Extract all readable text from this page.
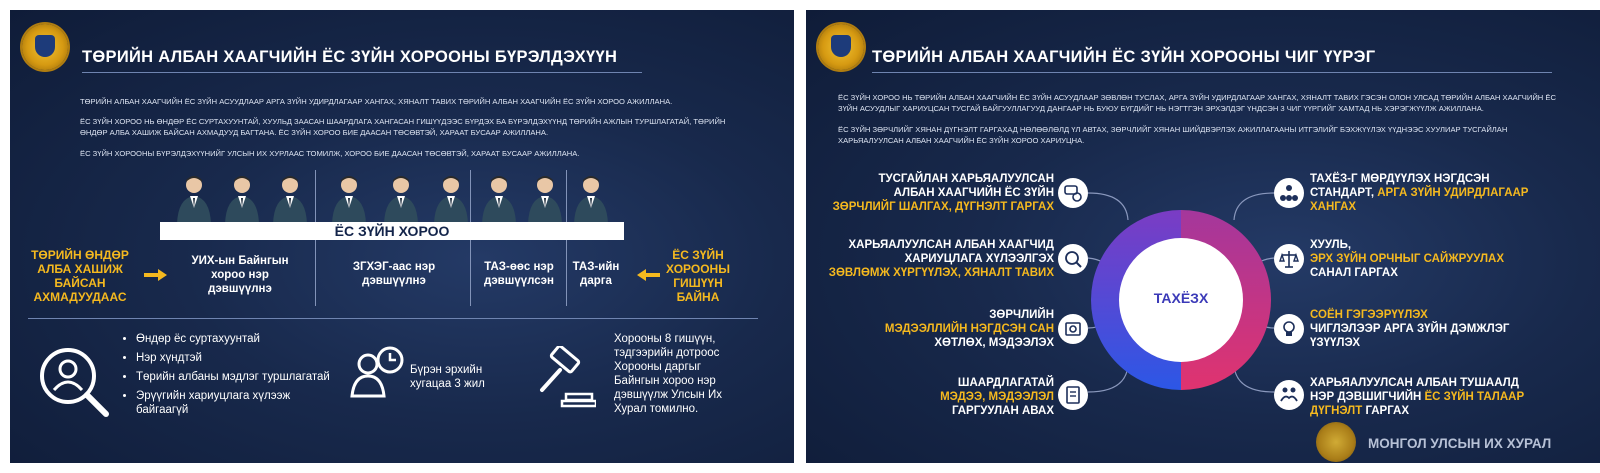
ТӨРИЙН АЛБАН ХААГЧИЙН ЁС ЗҮЙН ХОРООНЫ БҮРЭЛДЭХҮҮН
ТӨРИЙН АЛБАН ХААГЧИЙН ЁС ЗҮЙН АСУУДЛААР АРГА ЗҮЙН УДИРДЛАГААР ХАНГАХ, ХЯНАЛТ ТАВИХ ТӨРИЙН АЛБАН ХААГЧИЙН ЁС ЗҮЙН ХОРОО АЖИЛЛАНА.
ЁС ЗҮЙН ХОРОО НЬ ӨНДӨР ЁС СУРТАХУУНТАЙ, ХУУЛЬД ЗААСАН ШААРДЛАГА ХАНГАСАН ГИШҮҮДЭЭС БҮРДЭХ БА БҮРЭЛДЭХҮҮНД ТӨРИЙН АЖЛЫН ТУРШЛАГАТАЙ, ТӨРИЙН ӨНДӨР АЛБА ХАШИЖ БАЙСАН АХМАДУУД БАГТАНА. ЁС ЗҮЙН ХОРОО БИЕ ДААСАН ТӨСӨВТЭЙ, ХАРААТ БУСААР АЖИЛЛАНА.
ЁС ЗҮЙН ХОРООНЫ БҮРЭЛДЭХҮҮНИЙГ УЛСЫН ИХ ХУРЛААС ТОМИЛЖ, ХОРОО БИЕ ДААСАН ТӨСӨВТЭЙ, ХАРААТ БУСААР АЖИЛЛАНА.
ЁС ЗҮЙН ХОРОО
ТӨРИЙН ӨНДӨР
АЛБА ХАШИЖ
БАЙСАН
АХМАДУУДААС
УИХ-ын Байнгын
хороо нэр
дэвшүүлнэ
ЗГХЭГ-аас нэр
дэвшүүлнэ
ТАЗ-өөс нэр
дэвшүүлсэн
ТАЗ-ийн
дарга
ЁС ЗҮЙН
ХОРООНЫ
ГИШҮҮН
БАЙНА
• Өндөр ёс суртахуунтай
• Нэр хүндтэй
• Төрийн албаны мэдлэг туршлагатай
• Эрүүгийн хариуцлага хүлээж байгаагүй
Бүрэн эрхийн
хугацаа 3 жил
Хорооны 8 гишүүн,
тэдгээрийн дотроос
Хорооны даргыг
Байнгын хороо нэр
дэвшүүлж Улсын Их
Хурал томилно.
ТӨРИЙН АЛБАН ХААГЧИЙН ЁС ЗҮЙН ХОРООНЫ ЧИГ ҮҮРЭГ
ЁС ЗҮЙН ХОРОО НЬ ТӨРИЙН АЛБАН ХААГЧИЙН ЁС ЗҮЙН АСУУДЛААР ЗӨВЛӨН ТУСЛАХ, АРГА ЗҮЙН УДИРДЛАГААР ХАНГАХ, ХЯНАЛТ ТАВИХ ГЭСЭН ОЛОН УЛСАД ТӨРИЙН АЛБАН ХААГЧИЙН ЁС ЗҮЙН АСУУДЛЫГ ХАРИУЦСАН ТУСГАЙ БАЙГУУЛЛАГУУД ДАНГААР НЬ БУЮУ БҮГДИЙГ НЬ НЭГТГЭН ЭРХЭЛДЭГ ҮНДСЭН 3 ЧИГ ҮҮРГИЙГ ХАМТАД НЬ ХЭРЭГЖҮҮЛЖ АЖИЛЛАНА.
ЁС ЗҮЙН ЗӨРЧЛИЙГ ХЯНАН ДҮГНЭЛТ ГАРГАХАД НӨЛӨӨЛӨЛД ҮЛ АВТАХ, ЗӨРЧЛИЙГ ХЯНАН ШИЙДВЭРЛЭХ АЖИЛЛАГААНЫ ИТГЭЛИЙГ БЭХЖҮҮЛЭХ ҮҮДНЭЭС ХУУЛИАР ТУСГАЙЛАН ХАРЬЯАЛУУЛСАН АЛБАН ХААГЧИЙН ЁС ЗҮЙН ХОРОО ХАРИУЦНА.
ТАХЁЗХ
ТУСГАЙЛАН ХАРЬЯАЛУУЛСАН
АЛБАН ХААГЧИЙН ЁС ЗҮЙН
ЗӨРЧЛИЙГ ШАЛГАХ, ДҮГНЭЛТ ГАРГАХ
ХАРЬЯАЛУУЛСАН АЛБАН ХААГЧИД
ХАРИУЦЛАГА ХҮЛЭЭЛГЭХ
ЗӨВЛӨМЖ ХҮРГҮҮЛЭХ, ХЯНАЛТ ТАВИХ
ЗӨРЧЛИЙН
МЭДЭЭЛЛИЙН НЭГДСЭН САН
ХӨТЛӨХ, МЭДЭЭЛЭХ
ШААРДЛАГАТАЙ
МЭДЭЭ, МЭДЭЭЛЭЛ
ГАРГУУЛАН АВАХ
ТАХЁЗ-Г МӨРДҮҮЛЭХ НЭГДСЭН
СТАНДАРТ, АРГА ЗҮЙН УДИРДЛАГААР
ХАНГАХ
ХУУЛЬ,
ЭРХ ЗҮЙН ОРЧНЫГ САЙЖРУУЛАХ
САНАЛ ГАРГАХ
СОЁН ГЭГЭЭРҮҮЛЭХ
ЧИГЛЭЛЭЭР АРГА ЗҮЙН ДЭМЖЛЭГ
ҮЗҮҮЛЭХ
ХАРЬЯАЛУУЛСАН АЛБАН ТУШААЛД
НЭР ДЭВШИГЧИЙН ЁС ЗҮЙН ТАЛААР
ДҮГНЭЛТ ГАРГАХ
МОНГОЛ УЛСЫН ИХ ХУРАЛ
